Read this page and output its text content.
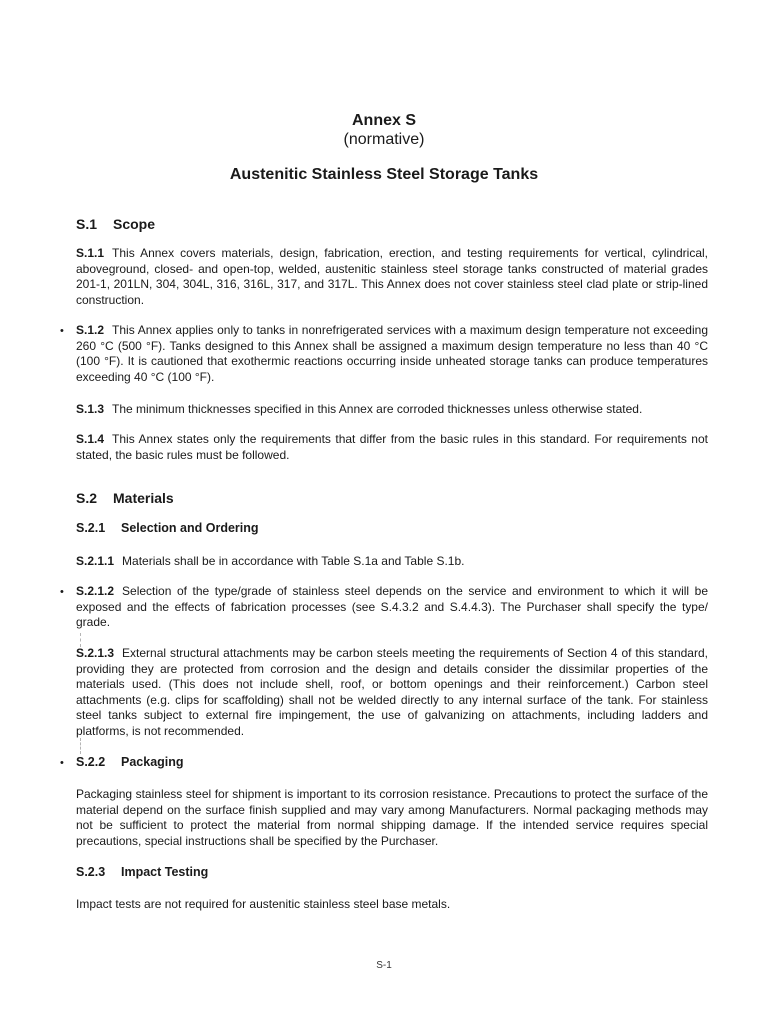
Annex S
(normative)
Austenitic Stainless Steel Storage Tanks
S.1 Scope
S.1.1 This Annex covers materials, design, fabrication, erection, and testing requirements for vertical, cylindrical, aboveground, closed- and open-top, welded, austenitic stainless steel storage tanks constructed of material grades 201-1, 201LN, 304, 304L, 316, 316L, 317, and 317L. This Annex does not cover stainless steel clad plate or strip-lined construction.
• S.1.2 This Annex applies only to tanks in nonrefrigerated services with a maximum design temperature not exceeding 260 °C (500 °F). Tanks designed to this Annex shall be assigned a maximum design temperature no less than 40 °C (100 °F). It is cautioned that exothermic reactions occurring inside unheated storage tanks can produce temperatures exceeding 40 °C (100 °F).
S.1.3 The minimum thicknesses specified in this Annex are corroded thicknesses unless otherwise stated.
S.1.4 This Annex states only the requirements that differ from the basic rules in this standard. For requirements not stated, the basic rules must be followed.
S.2 Materials
S.2.1 Selection and Ordering
S.2.1.1 Materials shall be in accordance with Table S.1a and Table S.1b.
• S.2.1.2 Selection of the type/grade of stainless steel depends on the service and environment to which it will be exposed and the effects of fabrication processes (see S.4.3.2 and S.4.4.3). The Purchaser shall specify the type/ grade.
S.2.1.3 External structural attachments may be carbon steels meeting the requirements of Section 4 of this standard, providing they are protected from corrosion and the design and details consider the dissimilar properties of the materials used. (This does not include shell, roof, or bottom openings and their reinforcement.) Carbon steel attachments (e.g. clips for scaffolding) shall not be welded directly to any internal surface of the tank. For stainless steel tanks subject to external fire impingement, the use of galvanizing on attachments, including ladders and platforms, is not recommended.
• S.2.2 Packaging
Packaging stainless steel for shipment is important to its corrosion resistance. Precautions to protect the surface of the material depend on the surface finish supplied and may vary among Manufacturers. Normal packaging methods may not be sufficient to protect the material from normal shipping damage. If the intended service requires special precautions, special instructions shall be specified by the Purchaser.
S.2.3 Impact Testing
Impact tests are not required for austenitic stainless steel base metals.
S-1
